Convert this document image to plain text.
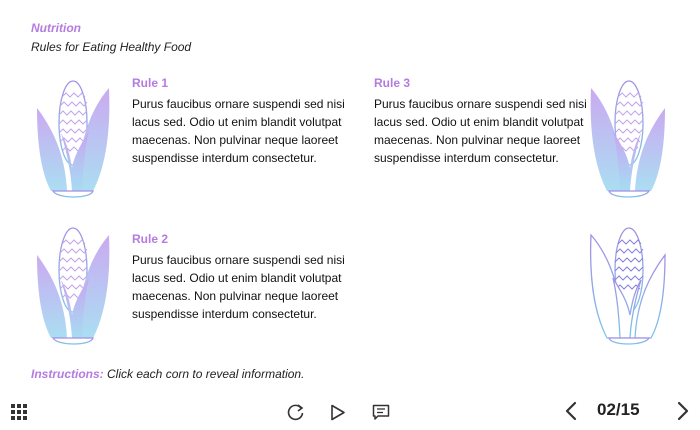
Nutrition
Rules for Eating Healthy Food
Rule 1
Purus faucibus ornare suspendi sed nisi lacus sed. Odio ut enim blandit volutpat maecenas. Non pulvinar neque laoreet suspendisse interdum consectetur.
Rule 2
Purus faucibus ornare suspendi sed nisi lacus sed. Odio ut enim blandit volutpat maecenas. Non pulvinar neque laoreet suspendisse interdum consectetur.
Rule 3
Purus faucibus ornare suspendi sed nisi lacus sed. Odio ut enim blandit volutpat maecenas. Non pulvinar neque laoreet suspendisse interdum consectetur.
Instructions: Click each corn to reveal information.
02/15
